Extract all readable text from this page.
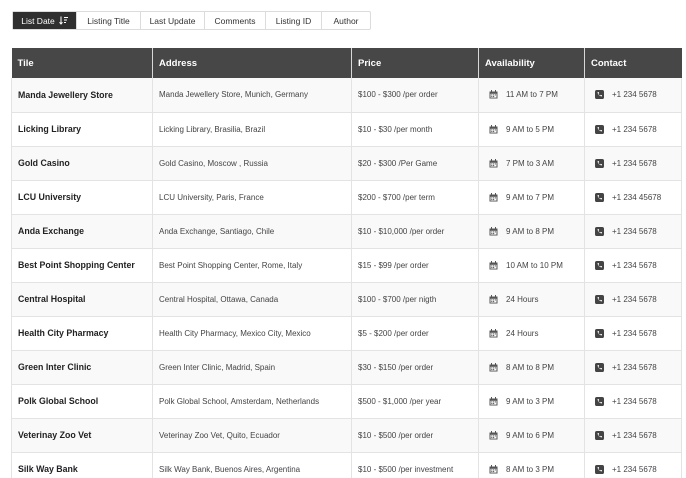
List Date	Listing Title Last Update Comments Listing ID	Author
Tile	Address	Price	Availability	Contact
Manda Jewellery Store	Manda Jewellery Store, Munich, Germany	$100 - $300 /per order	11 AM to 7 PM	+1 234 5678

Licking Library	Licking Library, Brasilia, Brazil	$10 - $30 /per month	9 AM to 5 PM	+1 234 5678

Gold Casino	Gold Casino, Moscow , Russia	$20 - $300 /Per Game	7 PM to 3 AM	+1 234 5678

LCU University	LCU University, Paris, France	$200 - $700 /per term	9 AM to 7 PM	+1 234 45678

Anda Exchange	Anda Exchange, Santiago, Chile	$10 - $10,000 /per order	9 AM to 8 PM	+1 234 5678

Best Point Shopping Center	Best Point Shopping Center, Rome, Italy	$15 - $99 /per order	10 AM to 10 PM	+1 234 5678

Central Hospital	Central Hospital, Ottawa, Canada	$100 - $700 /per nigth	24 Hours	+1 234 5678

Health City Pharmacy	Health City Pharmacy, Mexico City, Mexico	$5 - $200 /per order	24 Hours	+1 234 5678

Green Inter Clinic	Green Inter Clinic, Madrid, Spain	$30 - $150 /per order	8 AM to 8 PM	+1 234 5678

Polk Global School	Polk Global School, Amsterdam, Netherlands	$500 - $1,000 /per year	9 AM to 3 PM	+1 234 5678

Veterinay Zoo Vet	Veterinay Zoo Vet, Quito, Ecuador	$10 - $500 /per order	9 AM to 6 PM	+1 234 5678

Silk Way Bank	Silk Way Bank, Buenos Aires, Argentina	$10 - $500 /per investment	8 AM to 3 PM	+1 234 5678
